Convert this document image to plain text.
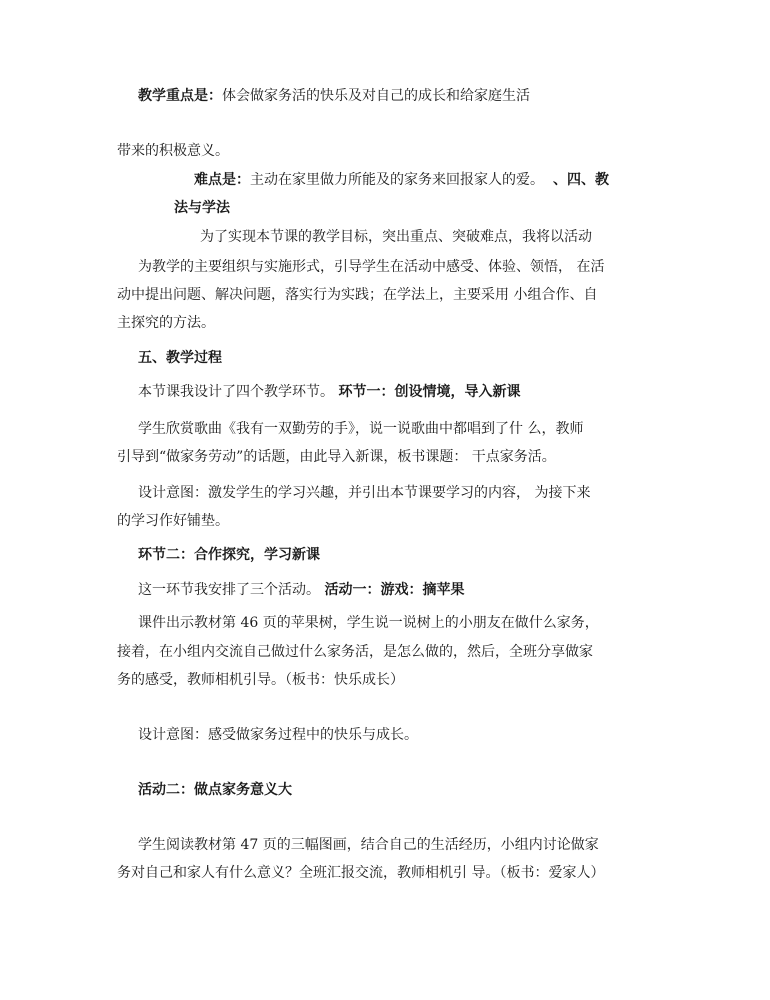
教学重点是：体会做家务活的快乐及对自己的成长和给家庭生活
带来的积极意义。
难点是：主动在家里做力所能及的家务来回报家人的爱。 、四、教
法与学法
为了实现本节课的教学目标，突出重点、突破难点，我将以活动
为教学的主要组织与实施形式，引导学生在活动中感受、体验、领悟， 在活
动中提出问题、解决问题，落实行为实践；在学法上，主要采用 小组合作、自
主探究的方法。
五、教学过程
本节课我设计了四个教学环节。 环节一：创设情境，导入新课
学生欣赏歌曲《我有一双勤劳的手》，说一说歌曲中都唱到了什 么，教师
引导到“做家务劳动”的话题，由此导入新课，板书课题： 干点家务活。
设计意图：激发学生的学习兴趣，并引出本节课要学习的内容， 为接下来
的学习作好铺垫。
环节二：合作探究，学习新课
这一环节我安排了三个活动。 活动一：游戏：摘苹果
课件出示教材第 46 页的苹果树，学生说一说树上的小朋友在做什么家务，
接着，在小组内交流自己做过什么家务活，是怎么做的，然后，全班分享做家
务的感受，教师相机引导。（板书：快乐成长）
设计意图：感受做家务过程中的快乐与成长。
活动二：做点家务意义大
学生阅读教材第 47 页的三幅图画，结合自己的生活经历，小组内讨论做家
务对自己和家人有什么意义？全班汇报交流，教师相机引 导。（板书：爱家人）
